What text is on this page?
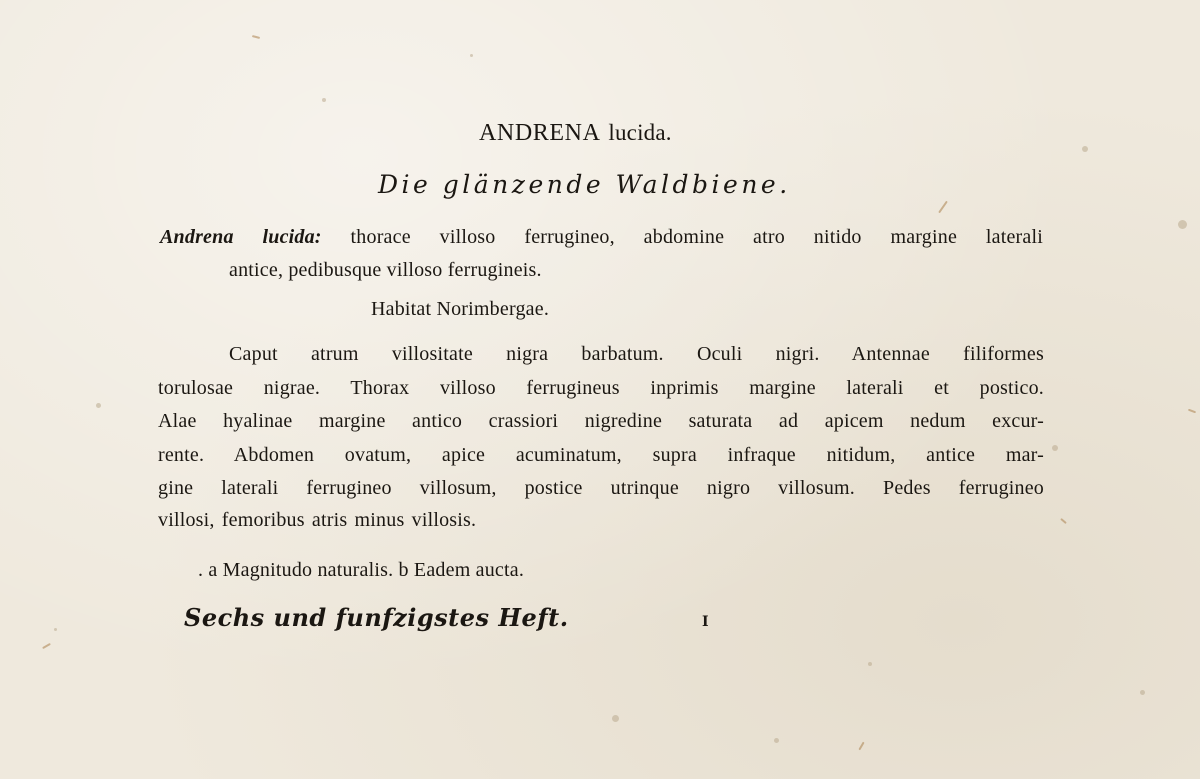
ANDRENA lucida.
Die glänzende Waldbiene.
Andrena lucida: thorace villoso ferrugineo, abdomine atro nitido margine laterali
antice, pedibusque villoso ferrugineis.
Habitat Norimbergae.
Caput atrum villositate nigra barbatum. Oculi nigri. Antennae filiformes
torulosae nigrae. Thorax villoso ferrugineus inprimis margine laterali et postico.
Alae hyalinae margine antico crassiori nigredine saturata ad apicem nedum excur-
rente. Abdomen ovatum, apice acuminatum, supra infraque nitidum, antice mar-
gine laterali ferrugineo villosum, postice utrinque nigro villosum. Pedes ferrugineo
villosi, femoribus atris minus villosis.
. a Magnitudo naturalis. b Eadem aucta.
Sechs und funfzigstes Heft.	I
